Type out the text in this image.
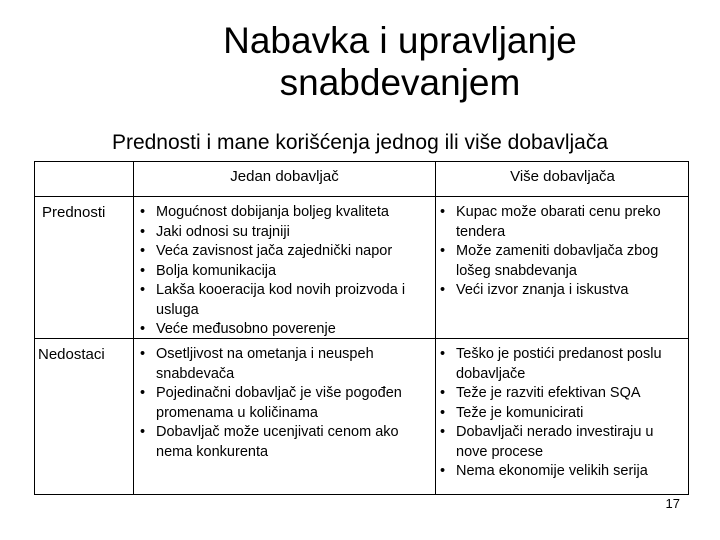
Nabavka i upravljanje
snabdevanjem
Prednosti i mane korišćenja jednog ili više dobavljača
Jedan dobavljač	Više dobavljača
Prednosti
Nedostaci
• Mogućnost dobijanja boljeg kvaliteta
• Jaki odnosi su trajniji
• Veća zavisnost jača zajednički napor
• Bolja komunikacija
• Lakša kooeracija kod novih proizvoda i usluga
• Veće međusobno poverenje
• Kupac može obarati cenu preko tendera
• Može zameniti dobavljača zbog lošeg snabdevanja
• Veći izvor znanja i iskustva
• Osetljivost na ometanja i neuspeh snabdevača
• Pojedinačni dobavljač je više pogođen promenama u količinama
• Dobavljač može ucenjivati cenom ako nema konkurenta
• Teško je postići predanost poslu dobavljače
• Teže je razviti efektivan SQA
• Teže je komunicirati
• Dobavljači nerado investiraju u nove procese
• Nema ekonomije velikih serija
17
